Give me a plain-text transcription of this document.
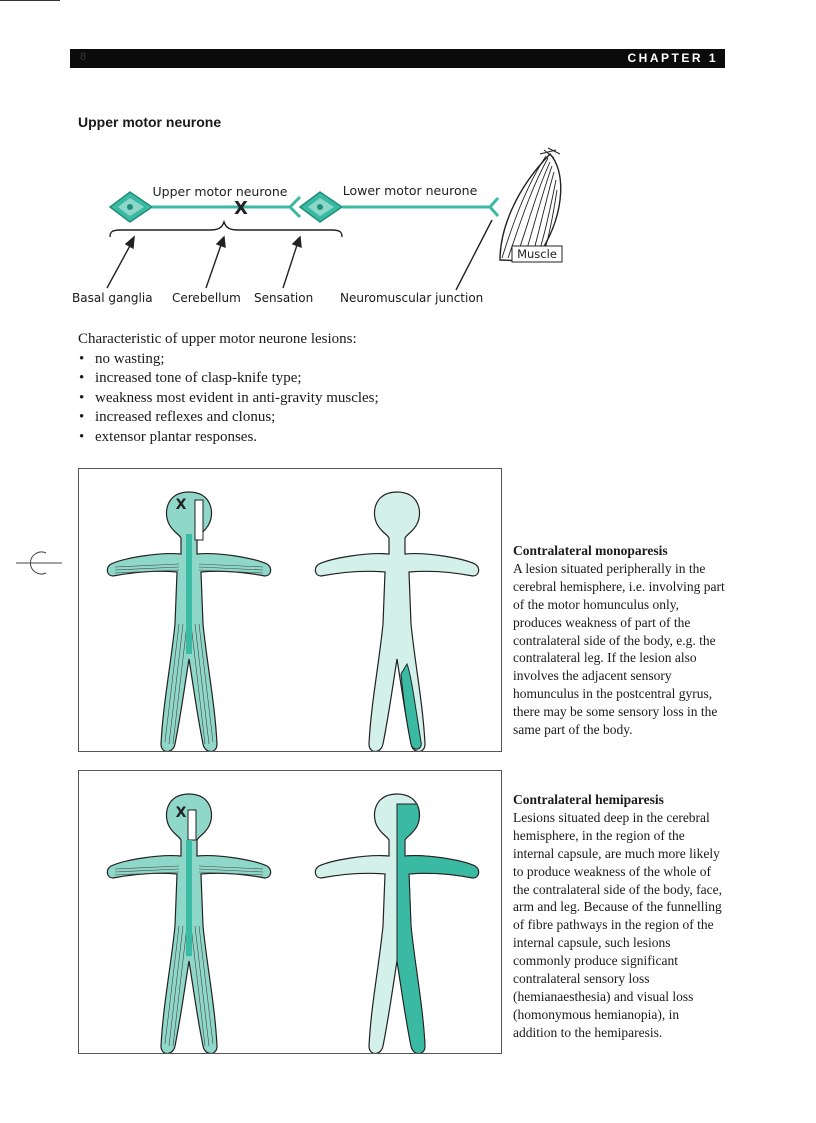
8	CHAPTER 1
Upper motor neurone
Upper motor neurone	Lower motor neurone
X
Muscle
Basal ganglia Cerebellum Sensation Neuromuscular junction
Characteristic of upper motor neurone lesions:
• no wasting;
• increased tone of clasp-knife type;
• weakness most evident in anti-gravity muscles;
• increased reflexes and clonus;
• extensor plantar responses.
X
Contralateral monoparesis
A lesion situated peripherally in the cerebral hemisphere, i.e. involving part of the motor homunculus only, produces weakness of part of the contralateral side of the body, e.g. the contralateral leg. If the lesion also involves the adjacent sensory homunculus in the postcentral gyrus, there may be some sensory loss in the same part of the body.
X
Contralateral hemiparesis
Lesions situated deep in the cerebral hemisphere, in the region of the internal capsule, are much more likely to produce weakness of the whole of the contralateral side of the body, face, arm and leg. Because of the funnelling of fibre pathways in the region of the internal capsule, such lesions commonly produce significant contralateral sensory loss (hemianaesthesia) and visual loss (homonymous hemianopia), in addition to the hemiparesis.
